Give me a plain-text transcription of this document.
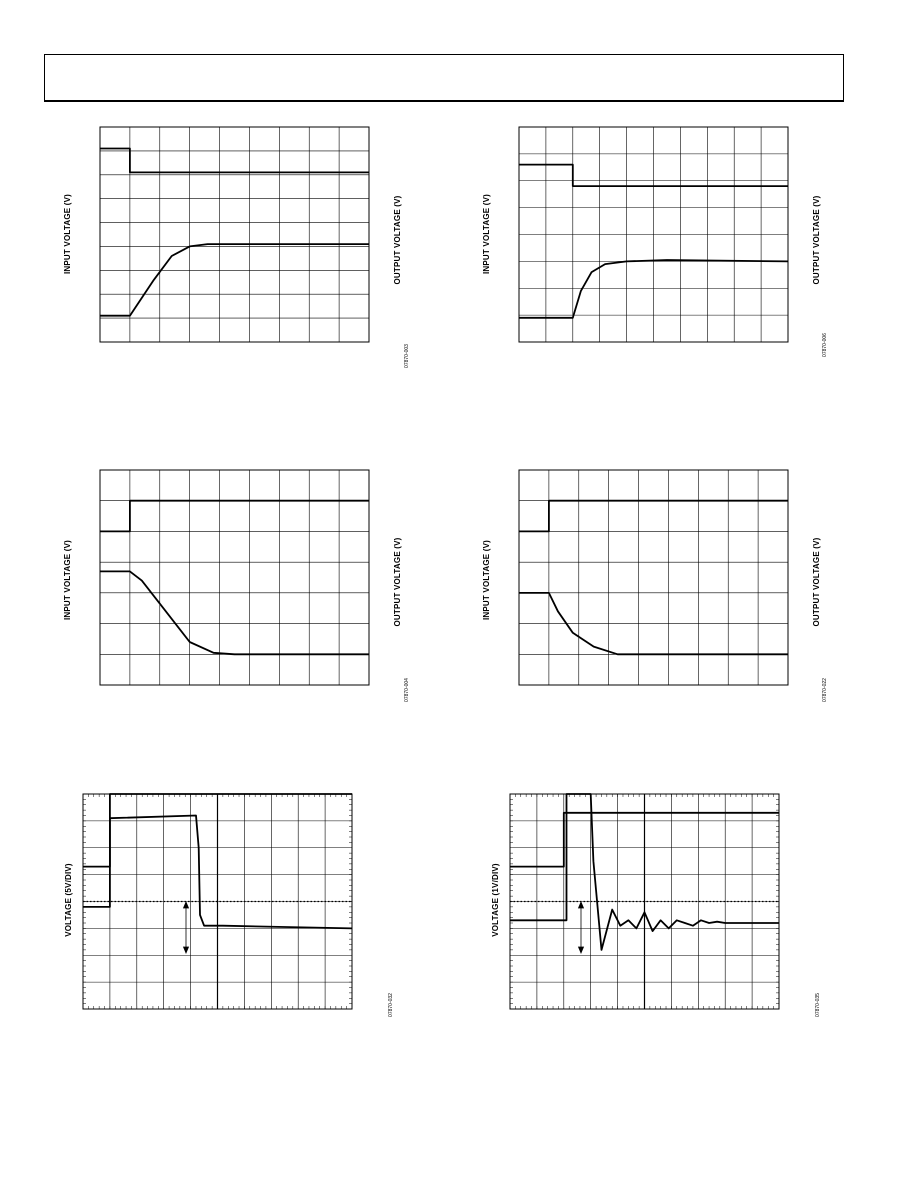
INPUT VOLTAGE (V)	OUTPUT VOLTAGE (V)
07870-003
INPUT VOLTAGE (V)	OUTPUT VOLTAGE (V)
07870-006
INPUT VOLTAGE (V)	OUTPUT VOLTAGE (V)
07870-004
INPUT VOLTAGE (V)	OUTPUT VOLTAGE (V)
07870-022
VOLTAGE (5V/DIV)
07870-032
VOLTAGE (1V/DIV)
07870-035
